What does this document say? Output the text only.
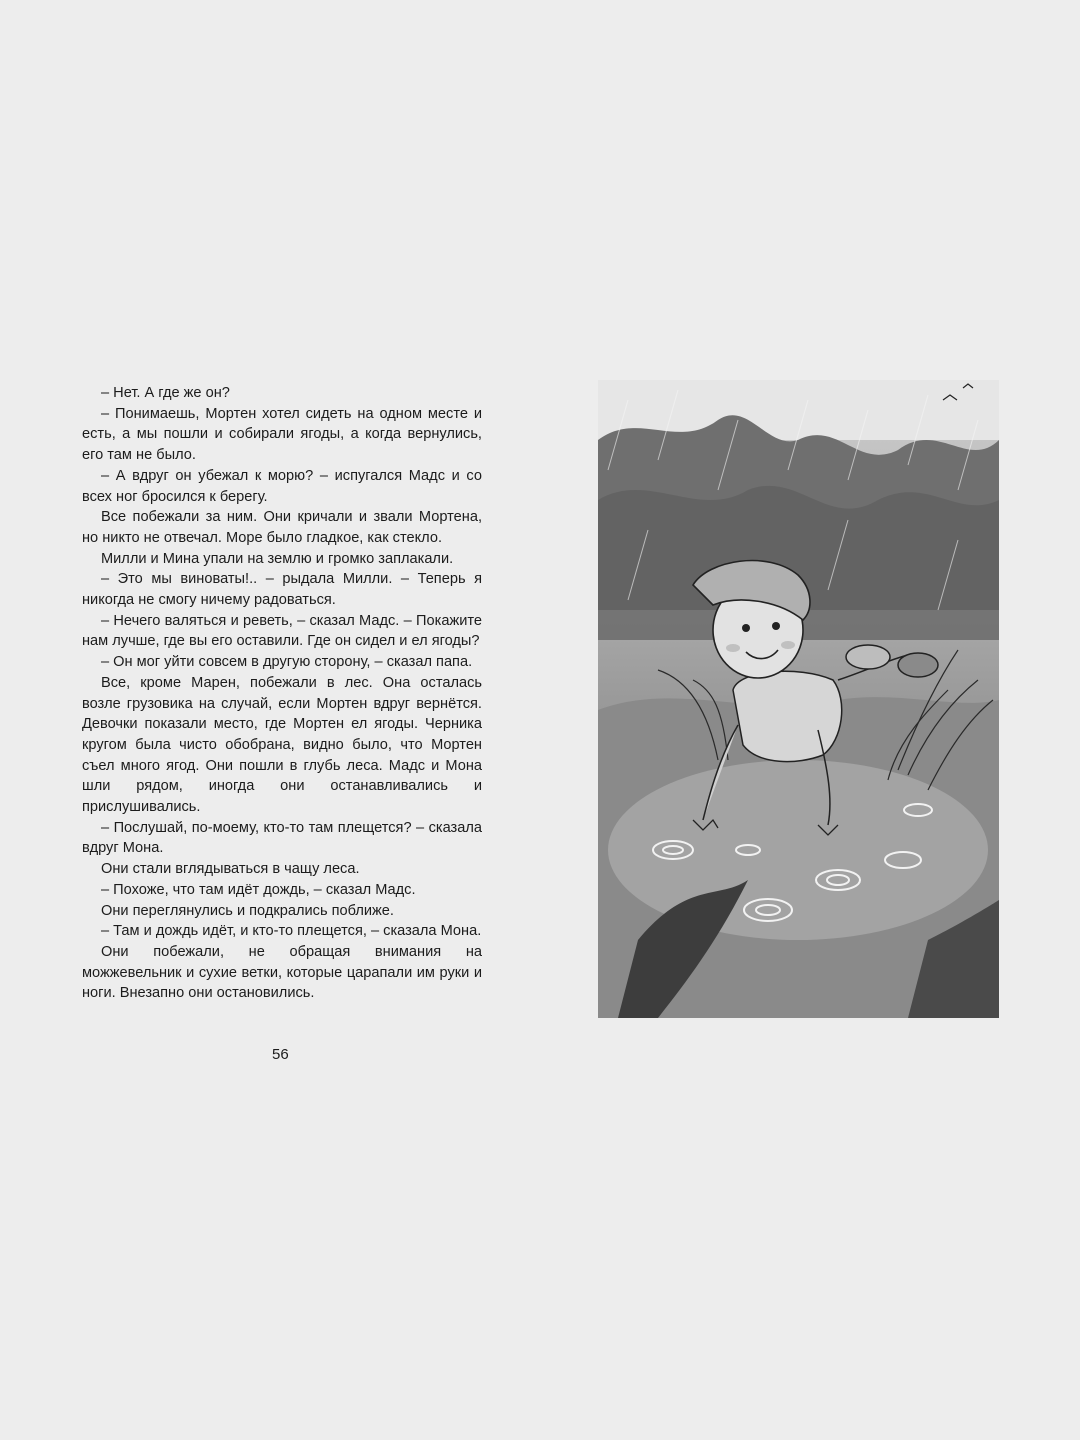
– Нет. А где же он?

– Понимаешь, Мортен хотел сидеть на одном месте и есть, а мы пошли и собирали ягоды, а когда вернулись, его там не было.

– А вдруг он убежал к морю? – испугался Мадс и со всех ног бросился к берегу.

Все побежали за ним. Они кричали и звали Мортена, но никто не отвечал. Море было гладкое, как стекло.

Милли и Мина упали на землю и громко заплакали.

– Это мы виноваты!.. – рыдала Милли. – Теперь я никогда не смогу ничему радоваться.

– Нечего валяться и реветь, – сказал Мадс. – Покажите нам лучше, где вы его оставили. Где он сидел и ел ягоды?

– Он мог уйти совсем в другую сторону, – сказал папа.

Все, кроме Марен, побежали в лес. Она осталась возле грузовика на случай, если Мортен вдруг вернётся. Девочки показали место, где Мортен ел ягоды. Черника кругом была чисто обобрана, видно было, что Мортен съел много ягод. Они пошли в глубь леса. Мадс и Мона шли рядом, иногда они останавливались и прислушивались.

– Послушай, по-моему, кто-то там плещется? – сказала вдруг Мона.

Они стали вглядываться в чащу леса.

– Похоже, что там идёт дождь, – сказал Мадс.

Они переглянулись и подкрались поближе.

– Там и дождь идёт, и кто-то плещется, – сказала Мона.

Они побежали, не обращая внимания на можжевельник и сухие ветки, которые царапали им руки и ноги. Внезапно они остановились.

56
